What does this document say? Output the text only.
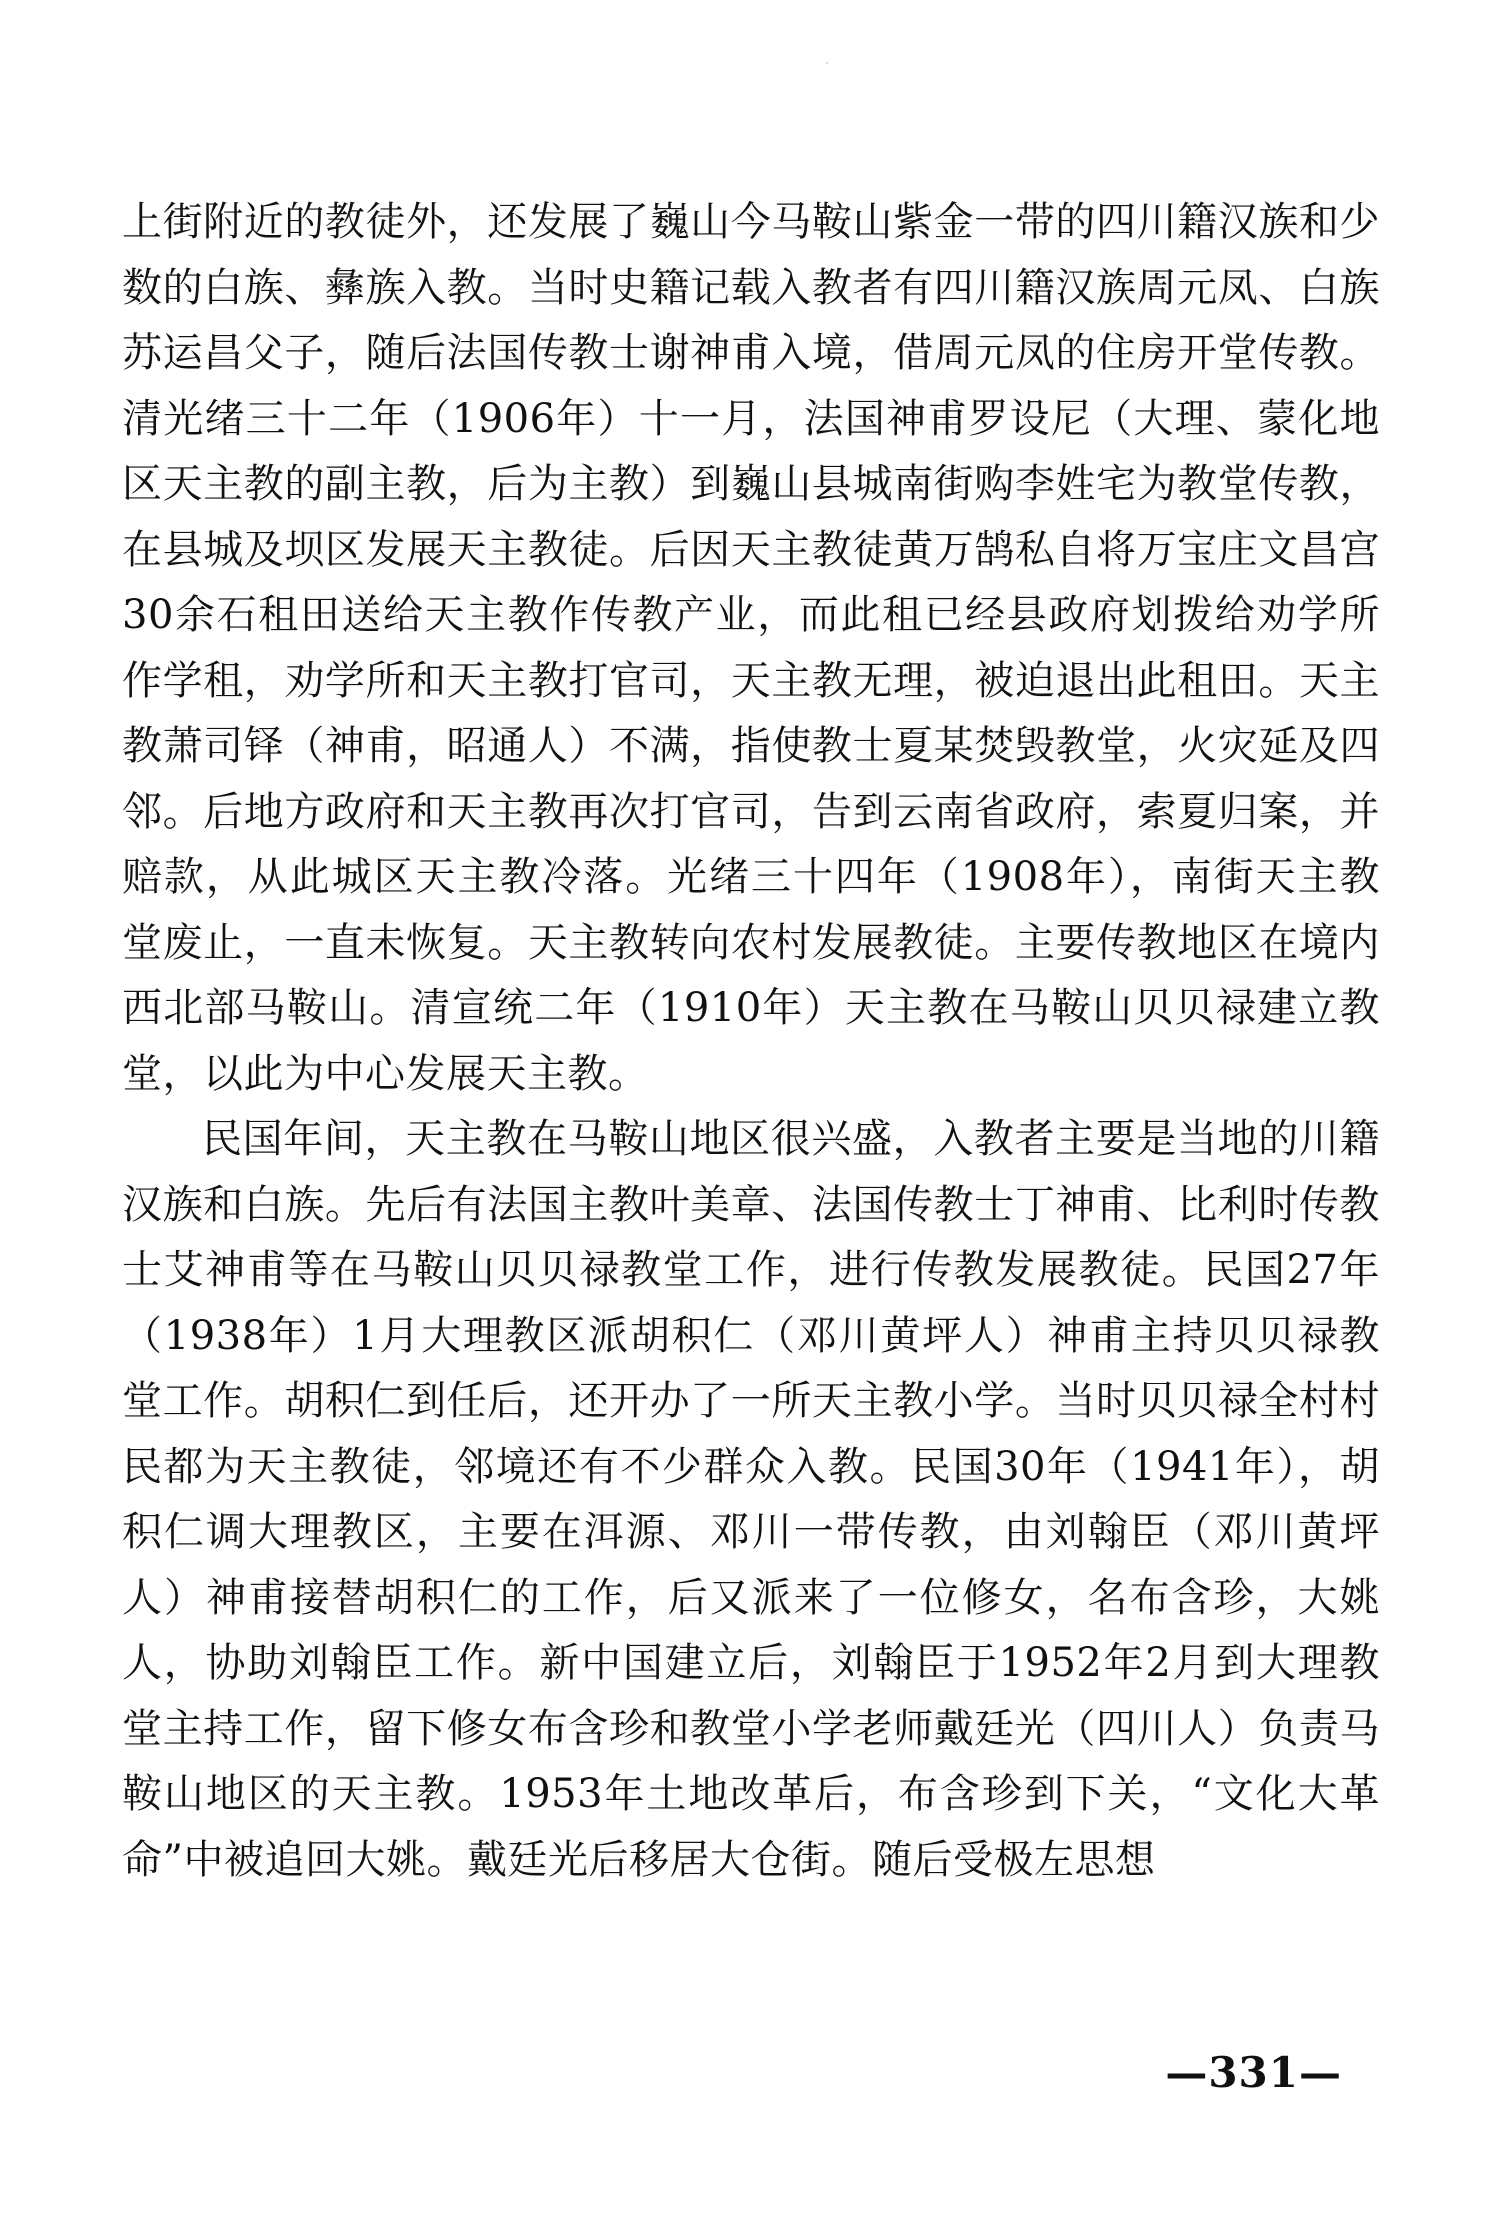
上街附近的教徒外，还发展了巍山今马鞍山紫金一带的四川籍汉族和少数的白族、彝族入教。当时史籍记载入教者有四川籍汉族周元凤、白族苏运昌父子，随后法国传教士谢神甫入境，借周元凤的住房开堂传教。清光绪三十二年（1906年）十一月，法国神甫罗设尼（大理、蒙化地区天主教的副主教，后为主教）到巍山县城南街购李姓宅为教堂传教，在县城及坝区发展天主教徒。后因天主教徒黄万鹄私自将万宝庄文昌宫30余石租田送给天主教作传教产业，而此租已经县政府划拨给劝学所作学租，劝学所和天主教打官司，天主教无理，被迫退出此租田。天主教萧司铎（神甫，昭通人）不满，指使教士夏某焚毁教堂，火灾延及四邻。后地方政府和天主教再次打官司，告到云南省政府，索夏归案，并赔款，从此城区天主教冷落。光绪三十四年（1908年），南街天主教堂废止，一直未恢复。天主教转向农村发展教徒。主要传教地区在境内西北部马鞍山。清宣统二年（1910年）天主教在马鞍山贝贝禄建立教堂，以此为中心发展天主教。

民国年间，天主教在马鞍山地区很兴盛，入教者主要是当地的川籍汉族和白族。先后有法国主教叶美章、法国传教士丁神甫、比利时传教士艾神甫等在马鞍山贝贝禄教堂工作，进行传教发展教徒。民国27年（1938年）1月大理教区派胡积仁（邓川黄坪人）神甫主持贝贝禄教堂工作。胡积仁到任后，还开办了一所天主教小学。当时贝贝禄全村村民都为天主教徒，邻境还有不少群众入教。民国30年（1941年），胡积仁调大理教区，主要在洱源、邓川一带传教，由刘翰臣（邓川黄坪人）神甫接替胡积仁的工作，后又派来了一位修女，名布含珍，大姚人，协助刘翰臣工作。新中国建立后，刘翰臣于1952年2月到大理教堂主持工作，留下修女布含珍和教堂小学老师戴廷光（四川人）负责马鞍山地区的天主教。1953年土地改革后，布含珍到下关，“文化大革命”中被追回大姚。戴廷光后移居大仓街。随后受极左思想

—331—
